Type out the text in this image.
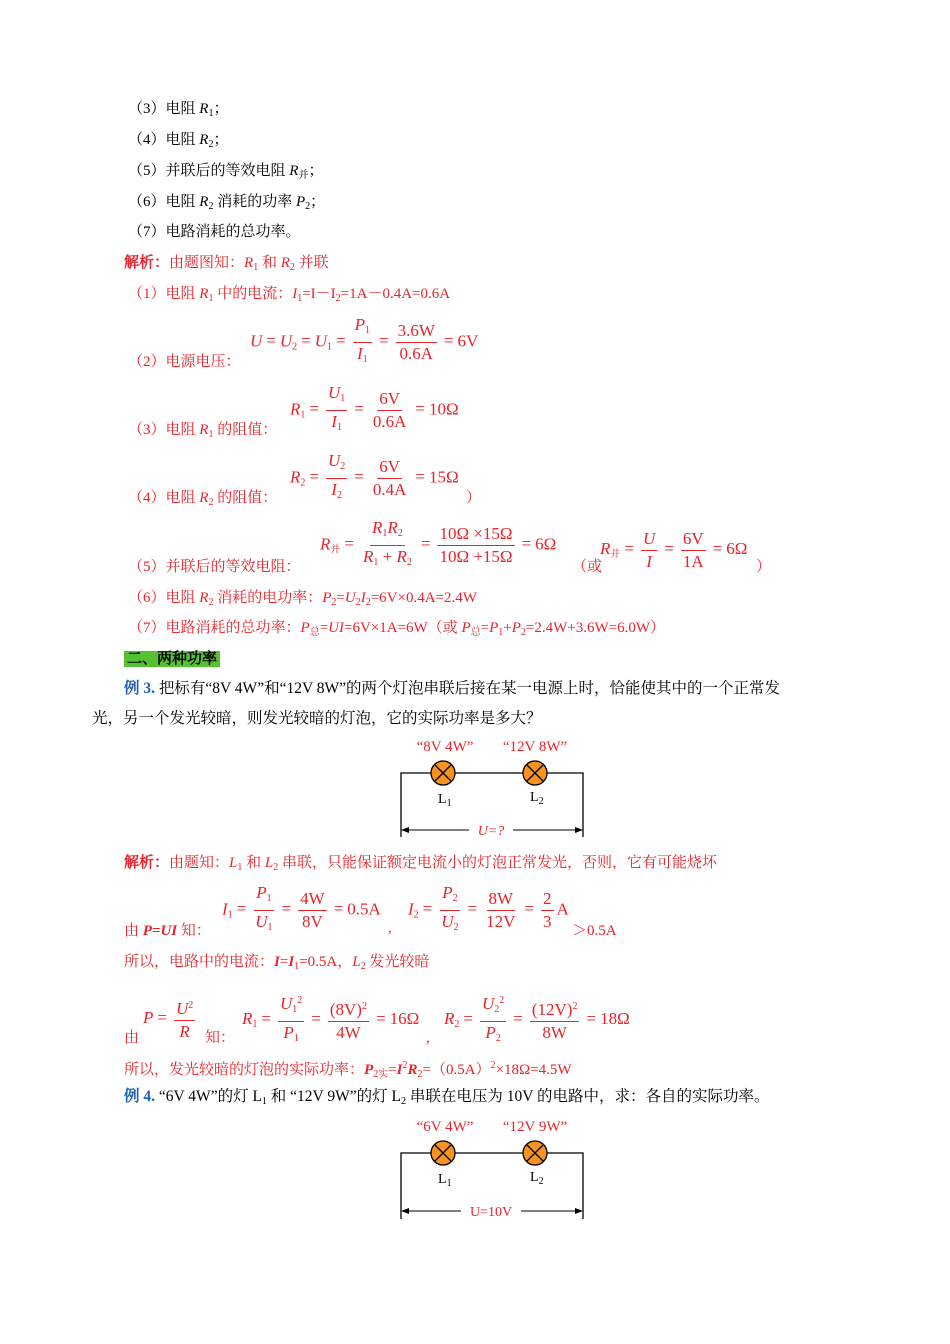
（3）电阻 $R_1$；
（4）电阻 $R_2$；
（5）并联后的等效电阻 $R_并$；
（6）电阻 $R_2$ 消耗的功率 $P_2$；
（7）电路消耗的总功率。
解析：由题图知：$R_1$ 和 $R_2$ 并联
（1）电阻 $R_1$ 中的电流：$I_1=I-I_2=1A-0.4A=0.6A$
（2）电源电压：
$U = U_2 = U_1 = \frac{P_1}{I_1} = \frac{3.6W}{0.6A} = 6V$
（3）电阻 $R_1$ 的阻值：
$R_1 = \frac{U_1}{I_1} = \frac{6V}{0.6A} = 10\Omega$
（4）电阻 $R_2$ 的阻值：
$R_2 = \frac{U_2}{I_2} = \frac{6V}{0.4A} = 15\Omega$
）
（5）并联后的等效电阻：
$R_并 = \frac{R_1R_2}{R_1 + R_2} = \frac{10\Omega \times 15\Omega}{10\Omega +15\Omega} = 6\Omega$
（或
$R_并 = \frac{U}{I} = \frac{6V}{1A} = 6\Omega$
）
（6）电阻 $R_2$ 消耗的电功率：$P_2=U_2I_2=6V\times 0.4A=2.4W$
（7）电路消耗的总功率：$P_总=UI=6V\times 1A=6W$（或 $P_总=P_1+P_2=2.4W+3.6W=6.0W$）
二、两种功率
例 3. 把标有“8V 4W”和“12V 8W”的两个灯泡串联后接在某一电源上时，恰能使其中的一个正常发
光，另一个发光较暗，则发光较暗的灯泡，它的实际功率是多大？
“8V 4W” “12V 8W”
$L_1$	$L_2$
U=?
解析：由题知：$L_1$ 和 $L_2$ 串联，只能保证额定电流小的灯泡正常发光，否则，它有可能烧坏
由 P=UI 知：
$I_1 = \frac{P_1}{U_1} = \frac{4W}{8V} = 0.5A$
,
$I_2 = \frac{P_2}{U_2} = \frac{8W}{12V} = \frac{2}{3}$ A
＞0.5A
所以，电路中的电流：$I=I_1=0.5A$，$L_2$ 发光较暗
由
$P = \frac{U^2}{R}$ 知：
$R_1 = \frac{U_1^2}{P_1} = \frac{(8V)^2}{4W} = 16\Omega$
,
$R_2 = \frac{U_2^2}{P_2} = \frac{(12V)^2}{8W} = 18\Omega$
所以，发光较暗的灯泡的实际功率：$P_{2实}=I^2R_2=(0.5A)^2\times 18\Omega=4.5W$
例 4. “6V 4W”的灯 $L_1$ 和 “12V 9W”的灯 $L_2$ 串联在电压为 10V 的电路中，求：各自的实际功率。
“6V 4W” “12V 9W”
$L_1$	$L_2$
U=10V
